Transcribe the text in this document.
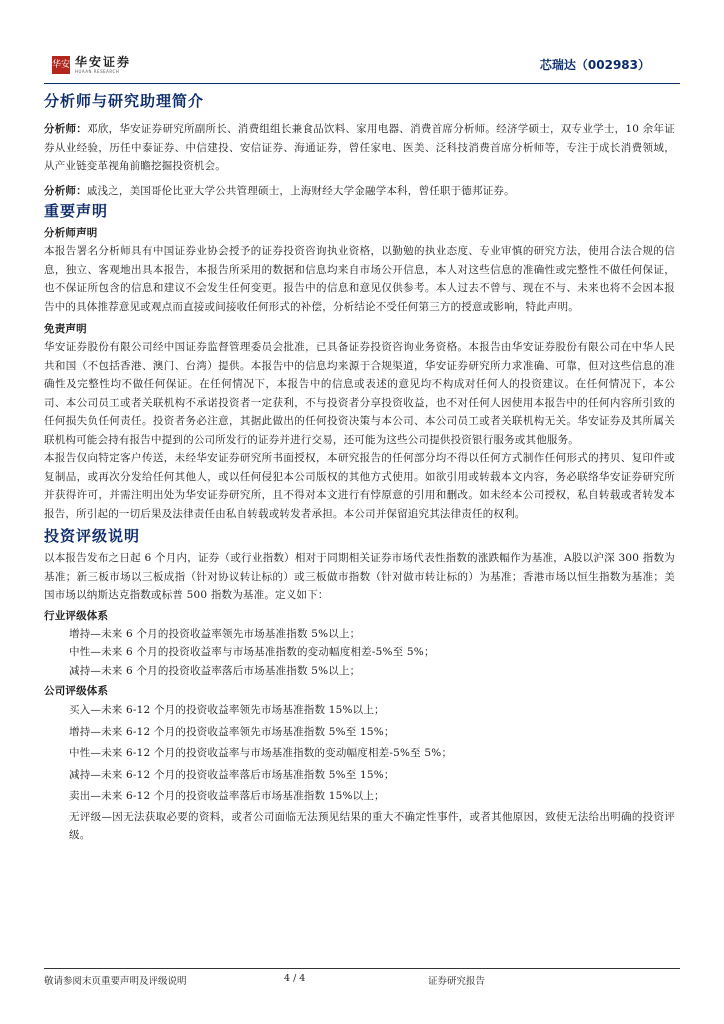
华安 华安证券
HUAAN RESEARCH	芯瑞达（002983）
分析师与研究助理简介

分析师：邓欣，华安证券研究所副所长、消费组组长兼食品饮料、家用电器、消费首席分析师。经济学硕士，双专业学士，10 余年证券从业经验，历任中泰证券、中信建投、安信证券、海通证券，曾任家电、医美、泛科技消费首席分析师等，专注于成长消费领域，从产业链变革视角前瞻挖掘投资机会。

分析师：戚浅之，美国哥伦比亚大学公共管理硕士，上海财经大学金融学本科，曾任职于德邦证券。

重要声明
分析师声明

本报告署名分析师具有中国证券业协会授予的证券投资咨询执业资格，以勤勉的执业态度、专业审慎的研究方法，使用合法合规的信息，独立、客观地出具本报告，本报告所采用的数据和信息均来自市场公开信息，本人对这些信息的准确性或完整性不做任何保证，也不保证所包含的信息和建议不会发生任何变更。报告中的信息和意见仅供参考。本人过去不曾与、现在不与、未来也将不会因本报告中的具体推荐意见或观点而直接或间接收任何形式的补偿，分析结论不受任何第三方的授意或影响，特此声明。

免责声明

华安证券股份有限公司经中国证券监督管理委员会批准，已具备证券投资咨询业务资格。本报告由华安证券股份有限公司在中华人民共和国（不包括香港、澳门、台湾）提供。本报告中的信息均来源于合规渠道，华安证券研究所力求准确、可靠，但对这些信息的准确性及完整性均不做任何保证。在任何情况下，本报告中的信息或表述的意见均不构成对任何人的投资建议。在任何情况下，本公司、本公司员工或者关联机构不承诺投资者一定获利，不与投资者分享投资收益，也不对任何人因使用本报告中的任何内容所引致的任何损失负任何责任。投资者务必注意，其据此做出的任何投资决策与本公司、本公司员工或者关联机构无关。华安证券及其所属关联机构可能会持有报告中提到的公司所发行的证券并进行交易，还可能为这些公司提供投资银行服务或其他服务。

本报告仅向特定客户传送，未经华安证券研究所书面授权，本研究报告的任何部分均不得以任何方式制作任何形式的拷贝、复印件或复制品，或再次分发给任何其他人，或以任何侵犯本公司版权的其他方式使用。如欲引用或转载本文内容，务必联络华安证券研究所并获得许可，并需注明出处为华安证券研究所，且不得对本文进行有悖原意的引用和删改。如未经本公司授权，私自转载或者转发本报告，所引起的一切后果及法律责任由私自转载或转发者承担。本公司并保留追究其法律责任的权利。

投资评级说明

以本报告发布之日起 6 个月内，证券（或行业指数）相对于同期相关证券市场代表性指数的涨跌幅作为基准，A股以沪深 300 指数为基准；新三板市场以三板成指（针对协议转让标的）或三板做市指数（针对做市转让标的）为基准；香港市场以恒生指数为基准；美国市场以纳斯达克指数或标普 500 指数为基准。定义如下：

行业评级体系

增持—未来 6 个月的投资收益率领先市场基准指数 5%以上；

中性—未来 6 个月的投资收益率与市场基准指数的变动幅度相差-5%至 5%；

减持—未来 6 个月的投资收益率落后市场基准指数 5%以上；

公司评级体系

买入—未来 6-12 个月的投资收益率领先市场基准指数 15%以上；

增持—未来 6-12 个月的投资收益率领先市场基准指数 5%至 15%；

中性—未来 6-12 个月的投资收益率与市场基准指数的变动幅度相差-5%至 5%；

减持—未来 6-12 个月的投资收益率落后市场基准指数 5%至 15%；

卖出—未来 6-12 个月的投资收益率落后市场基准指数 15%以上；

无评级—因无法获取必要的资料，或者公司面临无法预见结果的重大不确定性事件，或者其他原因，致使无法给出明确的投资评级。

敬请参阅末页重要声明及评级说明	4 / 4	证券研究报告
